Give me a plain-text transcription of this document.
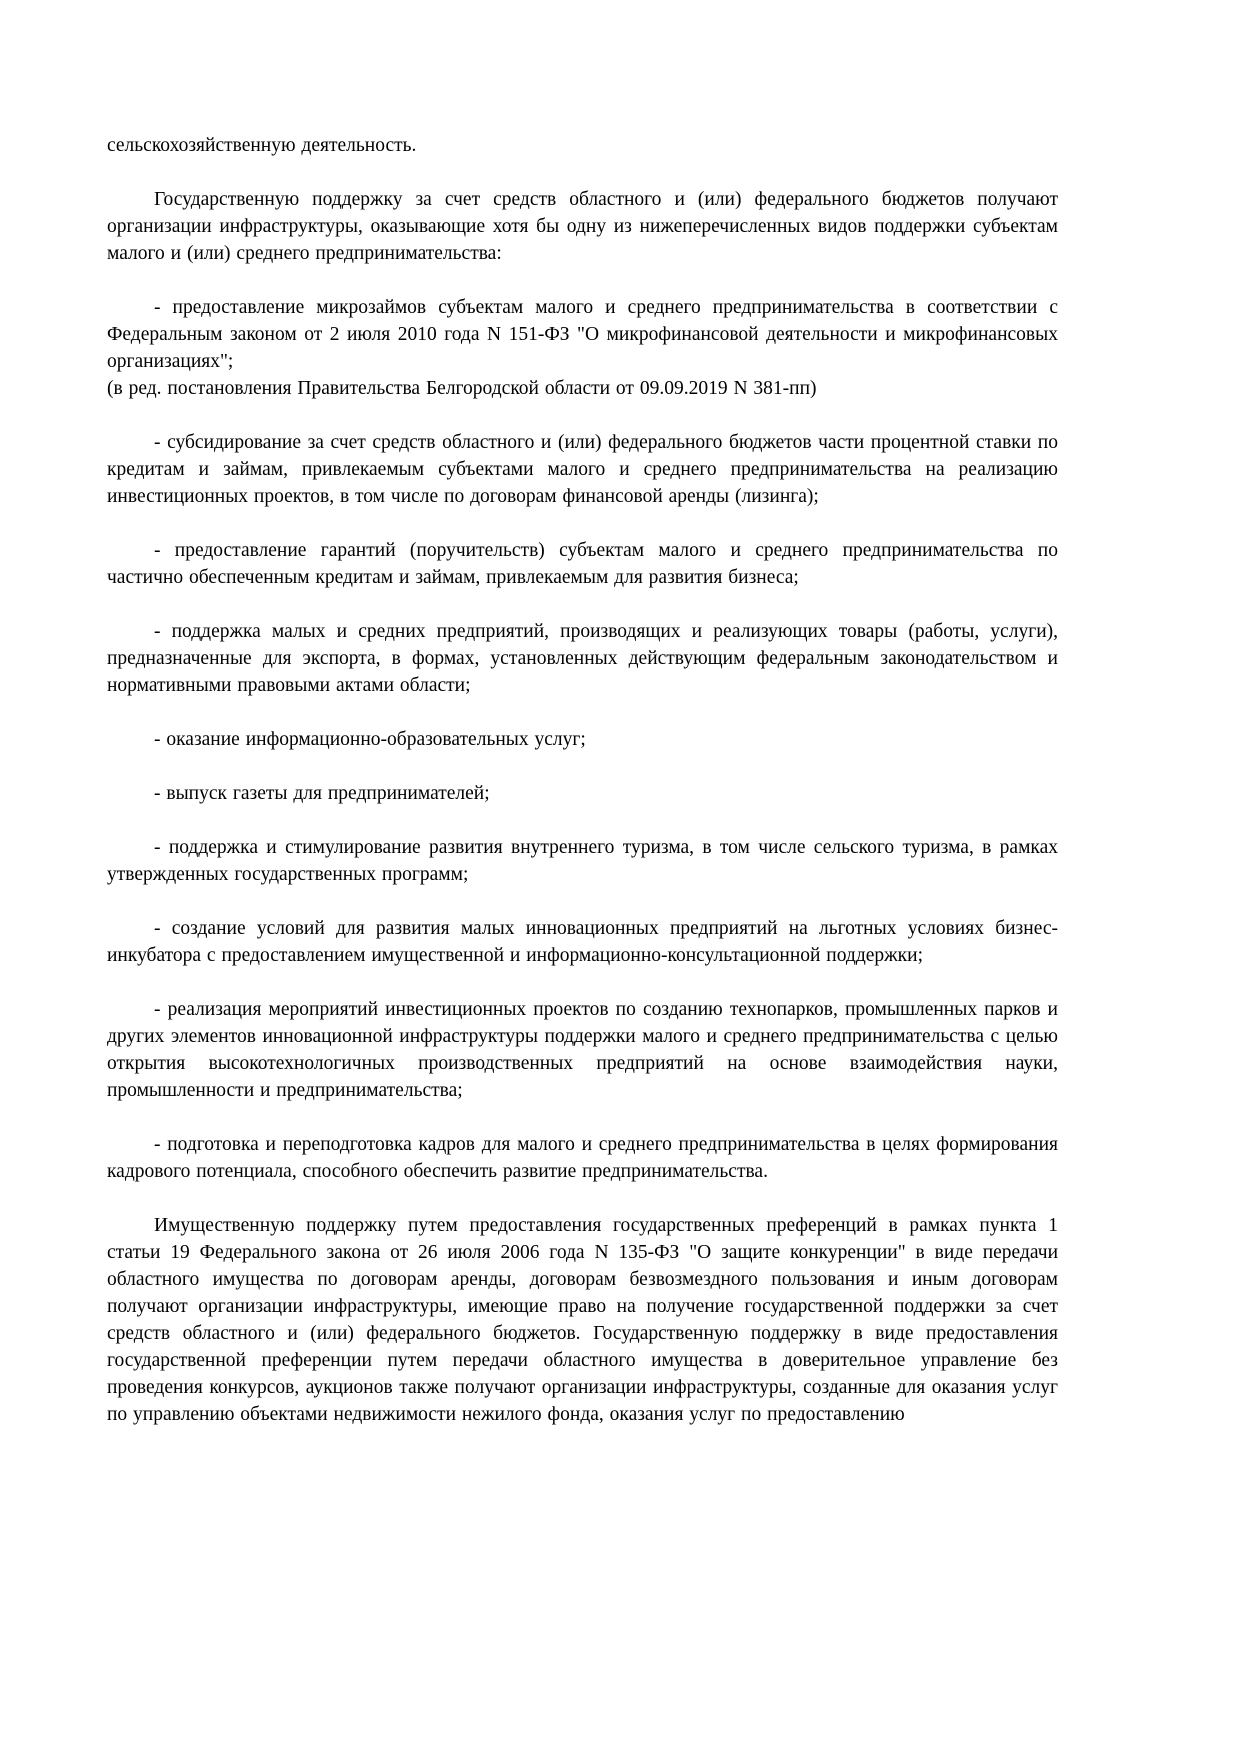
сельскохозяйственную деятельность.

Государственную поддержку за счет средств областного и (или) федерального бюджетов получают организации инфраструктуры, оказывающие хотя бы одну из нижеперечисленных видов поддержки субъектам малого и (или) среднего предпринимательства:

- предоставление микрозаймов субъектам малого и среднего предпринимательства в соответствии с Федеральным законом от 2 июля 2010 года N 151-ФЗ "О микрофинансовой деятельности и микрофинансовых организациях";

(в ред. постановления Правительства Белгородской области от 09.09.2019 N 381-пп)

- субсидирование за счет средств областного и (или) федерального бюджетов части процентной ставки по кредитам и займам, привлекаемым субъектами малого и среднего предпринимательства на реализацию инвестиционных проектов, в том числе по договорам финансовой аренды (лизинга);

- предоставление гарантий (поручительств) субъектам малого и среднего предпринимательства по частично обеспеченным кредитам и займам, привлекаемым для развития бизнеса;

- поддержка малых и средних предприятий, производящих и реализующих товары (работы, услуги), предназначенные для экспорта, в формах, установленных действующим федеральным законодательством и нормативными правовыми актами области;

- оказание информационно-образовательных услуг;

- выпуск газеты для предпринимателей;

- поддержка и стимулирование развития внутреннего туризма, в том числе сельского туризма, в рамках утвержденных государственных программ;

- создание условий для развития малых инновационных предприятий на льготных условиях бизнес-инкубатора с предоставлением имущественной и информационно-консультационной поддержки;

- реализация мероприятий инвестиционных проектов по созданию технопарков, промышленных парков и других элементов инновационной инфраструктуры поддержки малого и среднего предпринимательства с целью открытия высокотехнологичных производственных предприятий на основе взаимодействия науки, промышленности и предпринимательства;

- подготовка и переподготовка кадров для малого и среднего предпринимательства в целях формирования кадрового потенциала, способного обеспечить развитие предпринимательства.

Имущественную поддержку путем предоставления государственных преференций в рамках пункта 1 статьи 19 Федерального закона от 26 июля 2006 года N 135-ФЗ "О защите конкуренции" в виде передачи областного имущества по договорам аренды, договорам безвозмездного пользования и иным договорам получают организации инфраструктуры, имеющие право на получение государственной поддержки за счет средств областного и (или) федерального бюджетов. Государственную поддержку в виде предоставления государственной преференции путем передачи областного имущества в доверительное управление без проведения конкурсов, аукционов также получают организации инфраструктуры, созданные для оказания услуг по управлению объектами недвижимости нежилого фонда, оказания услуг по предоставлению
